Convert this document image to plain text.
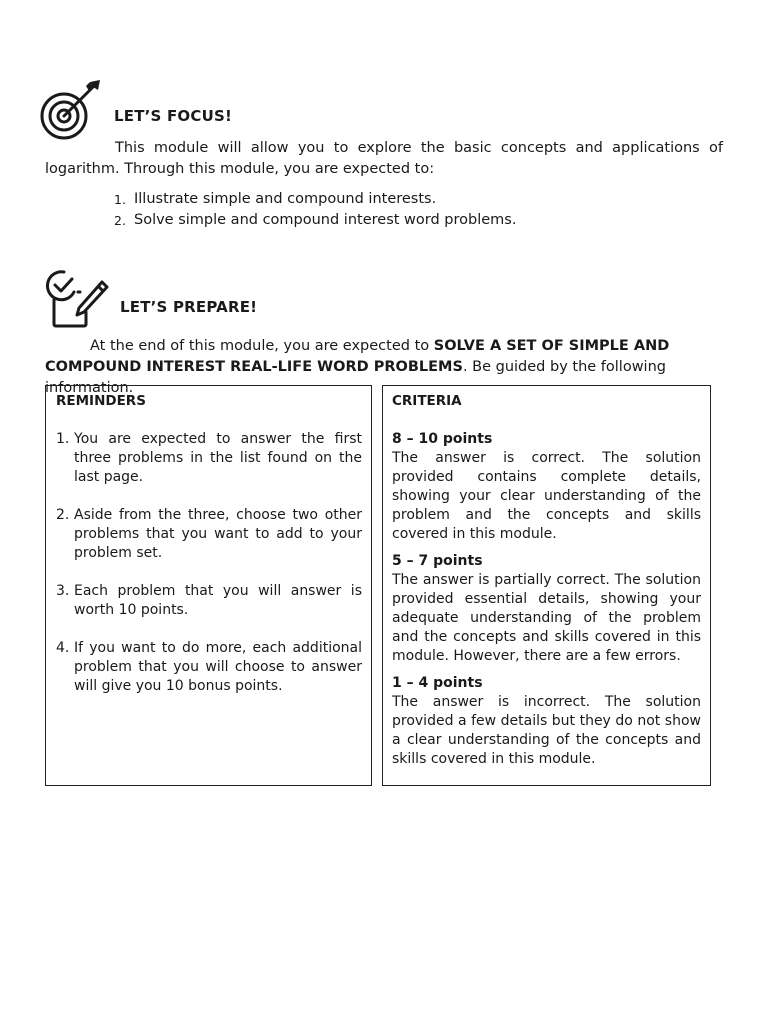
LET’S FOCUS!
This module will allow you to explore the basic concepts and applications of logarithm. Through this module, you are expected to:
1. Illustrate simple and compound interests.
2. Solve simple and compound interest word problems.
LET’S PREPARE!
At the end of this module, you are expected to SOLVE A SET OF SIMPLE AND COMPOUND INTEREST REAL-LIFE WORD PROBLEMS. Be guided by the following information.
REMINDERS
1. You are expected to answer the first three problems in the list found on the last page.
2. Aside from the three, choose two other problems that you want to add to your problem set.
3. Each problem that you will answer is worth 10 points.
4. If you want to do more, each additional problem that you will choose to answer will give you 10 bonus points.
CRITERIA
8 – 10 points
The answer is correct. The solution provided contains complete details, showing your clear understanding of the problem and the concepts and skills covered in this module.
5 – 7 points
The answer is partially correct. The solution provided essential details, showing your adequate understanding of the problem and the concepts and skills covered in this module. However, there are a few errors.
1 – 4 points
The answer is incorrect. The solution provided a few details but they do not show a clear understanding of the concepts and skills covered in this module.
